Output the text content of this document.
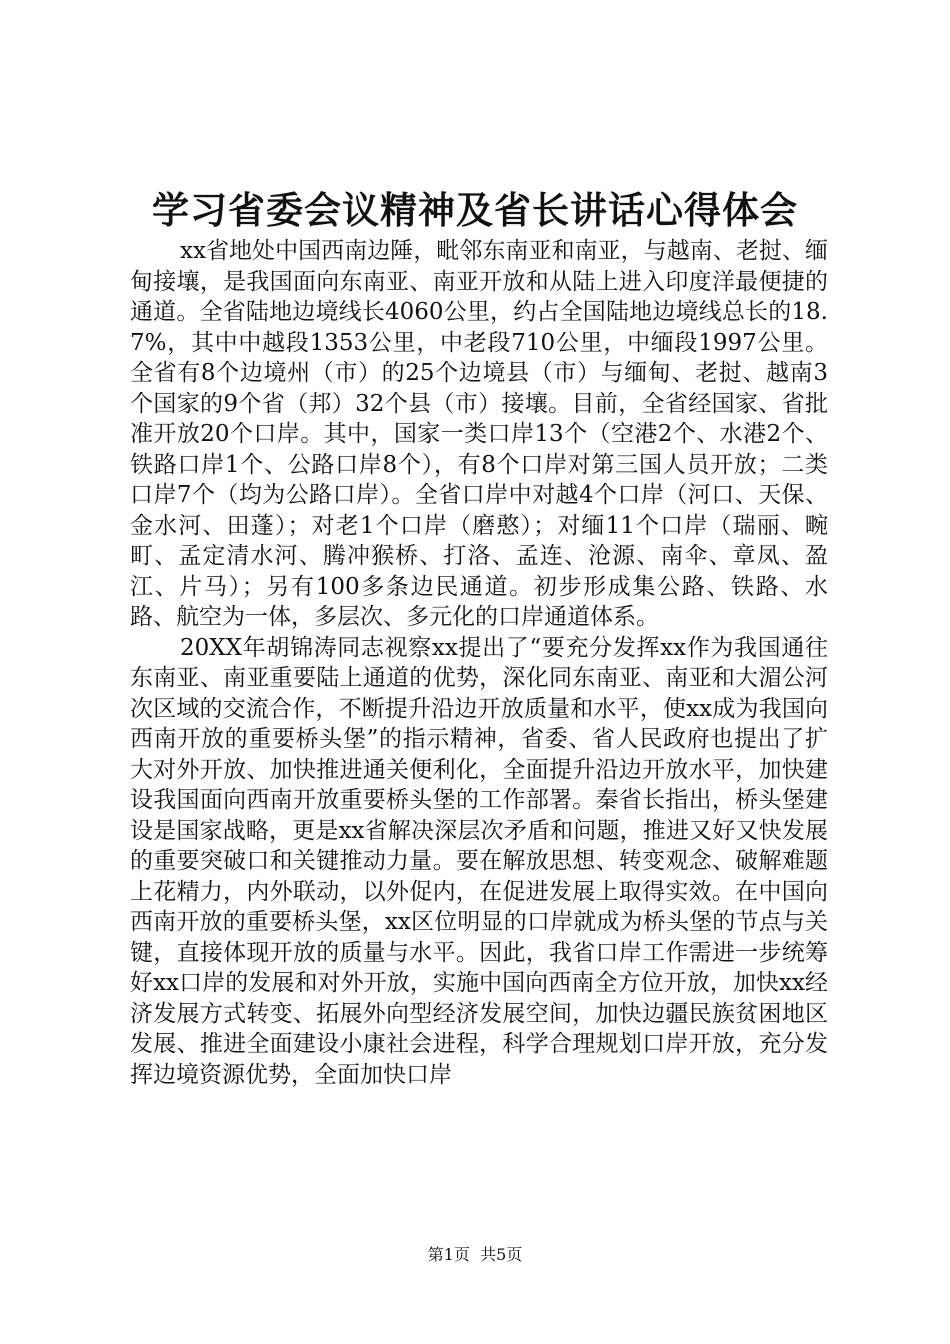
学习省委会议精神及省长讲话心得体会

xx省地处中国西南边陲，毗邻东南亚和南亚，与越南、老挝、缅甸接壤，是我国面向东南亚、南亚开放和从陆上进入印度洋最便捷的通道。全省陆地边境线长4060公里，约占全国陆地边境线总长的18.7%，其中中越段1353公里，中老段710公里，中缅段1997公里。全省有8个边境州（市）的25个边境县（市）与缅甸、老挝、越南3个国家的9个省（邦）32个县（市）接壤。目前，全省经国家、省批准开放20个口岸。其中，国家一类口岸13个（空港2个、水港2个、铁路口岸1个、公路口岸8个），有8个口岸对第三国人员开放；二类口岸7个（均为公路口岸）。全省口岸中对越4个口岸（河口、天保、金水河、田蓬）；对老1个口岸（磨憨）；对缅11个口岸（瑞丽、畹町、孟定清水河、腾冲猴桥、打洛、孟连、沧源、南伞、章凤、盈江、片马）；另有100多条边民通道。初步形成集公路、铁路、水路、航空为一体，多层次、多元化的口岸通道体系。

20XX年胡锦涛同志视察xx提出了“要充分发挥xx作为我国通往东南亚、南亚重要陆上通道的优势，深化同东南亚、南亚和大湄公河次区域的交流合作，不断提升沿边开放质量和水平，使xx成为我国向西南开放的重要桥头堡”的指示精神，省委、省人民政府也提出了扩大对外开放、加快推进通关便利化，全面提升沿边开放水平，加快建设我国面向西南开放重要桥头堡的工作部署。秦省长指出，桥头堡建设是国家战略，更是xx省解决深层次矛盾和问题，推进又好又快发展的重要突破口和关键推动力量。要在解放思想、转变观念、破解难题上花精力，内外联动，以外促内，在促进发展上取得实效。在中国向西南开放的重要桥头堡，xx区位明显的口岸就成为桥头堡的节点与关键，直接体现开放的质量与水平。因此，我省口岸工作需进一步统筹好xx口岸的发展和对外开放，实施中国向西南全方位开放，加快xx经济发展方式转变、拓展外向型经济发展空间，加快边疆民族贫困地区发展、推进全面建设小康社会进程，科学合理规划口岸开放，充分发挥边境资源优势，全面加快口岸

第1页 共5页
